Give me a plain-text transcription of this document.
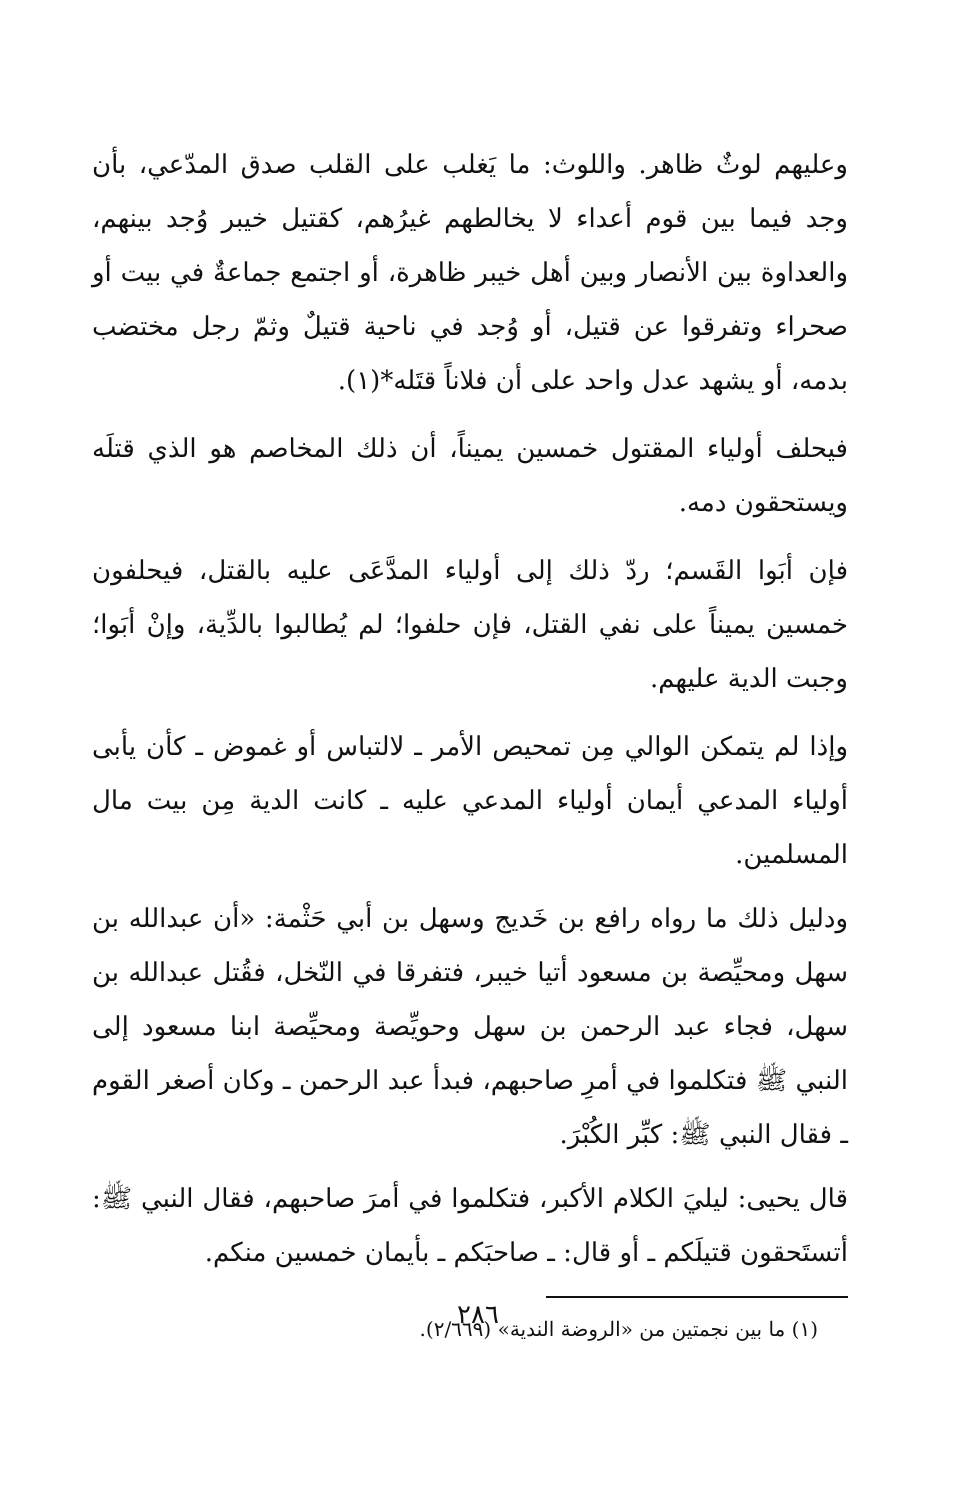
وعليهم لوثٌ ظاهر. واللوث: ما يَغلب على القلب صدق المدّعي، بأن وجد فيما بين قوم أعداء لا يخالطهم غيرُهم، كقتيل خيبر وُجد بينهم، والعداوة بين الأنصار وبين أهل خيبر ظاهرة، أو اجتمع جماعةٌ في بيت أو صحراء وتفرقوا عن قتيل، أو وُجد في ناحية قتيلٌ وثمّ رجل مختضب بدمه، أو يشهد عدل واحد على أن فلاناً قتَله*(١).

فيحلف أولياء المقتول خمسين يميناً، أن ذلك المخاصم هو الذي قتلَه ويستحقون دمه.

فإن أبَوا القَسم؛ ردّ ذلك إلى أولياء المدَّعَى عليه بالقتل، فيحلفون خمسين يميناً على نفي القتل، فإن حلفوا؛ لم يُطالبوا بالدِّية، وإنْ أبَوا؛ وجبت الدية عليهم.

وإذا لم يتمكن الوالي مِن تمحيص الأمر ـ لالتباس أو غموض ـ كأن يأبى أولياء المدعي أيمان أولياء المدعي عليه ـ كانت الدية مِن بيت مال المسلمين.

ودليل ذلك ما رواه رافع بن خَديج وسهل بن أبي حَثْمة: «أن عبدالله بن سهل ومحيِّصة بن مسعود أتيا خيبر، فتفرقا في النّخل، فقُتل عبدالله بن سهل، فجاء عبد الرحمن بن سهل وحويِّصة ومحيِّصة ابنا مسعود إلى النبي ﷺ فتكلموا في أمرِ صاحبهم، فبدأ عبد الرحمن ـ وكان أصغر القوم ـ فقال النبي ﷺ: كبِّر الكُبْرَ.

قال يحيى: ليليَ الكلام الأكبر، فتكلموا في أمرَ صاحبهم، فقال النبي ﷺ: أتستَحقون قتيلَكم ـ أو قال: ـ صاحبَكم ـ بأيمان خمسين منكم.

(١) ما بين نجمتين من «الروضة الندية» (٢/٦٦٩).

٢٨٦
